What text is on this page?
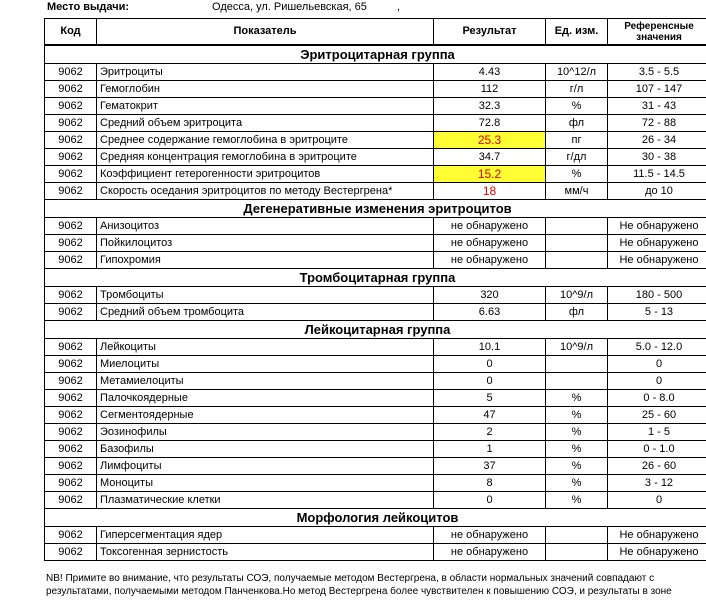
Место выдачи:	Одесса, ул. Ришельевская, 65	,
Код	Показатель	Результат	Ед. изм.	Референсные значения
Эритроцитарная группа				
9062	Эритроциты	4.43	10^12/л	3.5 - 5.5
9062	Гемоглобин	112	г/л	107 - 147
9062	Гематокрит	32.3	%	31 - 43
9062	Средний объем эритроцита	72.8	фл	72 - 88
9062	Среднее содержание гемоглобина в эритроците	25.3	пг	26 - 34
9062	Средняя концентрация гемоглобина в эритроците	34.7	г/дл	30 - 38
9062	Коэффициент гетерогенности эритроцитов	15.2	%	11.5 - 14.5
9062	Скорость оседания эритроцитов по методу Вестергрена*	18	мм/ч	до 10
Дегенеративные изменения эритроцитов				
9062	Анизоцитоз	не обнаружено		Не обнаружено
9062	Пойкилоцитоз	не обнаружено		Не обнаружено
9062	Гипохромия	не обнаружено		Не обнаружено
Тромбоцитарная группа				
9062	Тромбоциты	320	10^9/л	180 - 500
9062	Средний объем тромбоцита	6.63	фл	5 - 13
Лейкоцитарная группа				
9062	Лейкоциты	10.1	10^9/л	5.0 - 12.0
9062	Миелоциты	0		0
9062	Метамиелоциты	0		0
9062	Палочкоядерные	5	%	0 - 8.0
9062	Сегментоядерные	47	%	25 - 60
9062	Эозинофилы	2	%	1 - 5
9062	Базофилы	1	%	0 - 1.0
9062	Лимфоциты	37	%	26 - 60
9062	Моноциты	8	%	3 - 12
9062	Плазматические клетки	0	%	0
Морфология лейкоцитов				
9062	Гиперсегментация ядер	не обнаружено		Не обнаружено
9062	Токсогенная зернистость	не обнаружено		Не обнаружено
NB! Примите во внимание, что результаты СОЭ, получаемые методом Вестергрена, в области нормальных значений совпадают с
результатами, получаемыми методом Панченкова.Но метод Вестергрена более чувствителен к повышению СОЭ, и результаты в зоне
